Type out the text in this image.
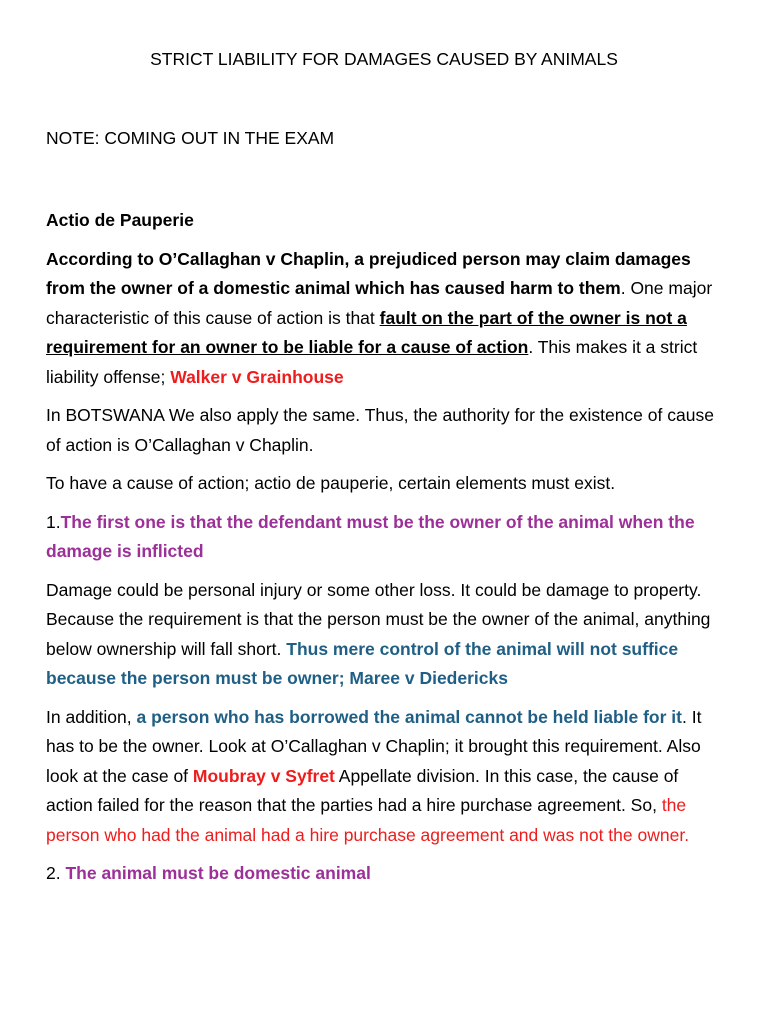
STRICT LIABILITY FOR DAMAGES CAUSED BY ANIMALS
NOTE: COMING OUT IN THE EXAM

Actio de Pauperie

According to O’Callaghan v Chaplin, a prejudiced person may claim damages from the owner of a domestic animal which has caused harm to them. One major characteristic of this cause of action is that fault on the part of the owner is not a requirement for an owner to be liable for a cause of action. This makes it a strict liability offense; Walker v Grainhouse

In BOTSWANA We also apply the same. Thus, the authority for the existence of cause of action is O’Callaghan v Chaplin.

To have a cause of action; actio de pauperie, certain elements must exist.

1.The first one is that the defendant must be the owner of the animal when the damage is inflicted

Damage could be personal injury or some other loss. It could be damage to property. Because the requirement is that the person must be the owner of the animal, anything below ownership will fall short. Thus mere control of the animal will not suffice because the person must be owner; Maree v Diedericks

In addition, a person who has borrowed the animal cannot be held liable for it. It has to be the owner. Look at O’Callaghan v Chaplin; it brought this requirement. Also look at the case of Moubray v Syfret Appellate division. In this case, the cause of action failed for the reason that the parties had a hire purchase agreement. So, the person who had the animal had a hire purchase agreement and was not the owner.

2. The animal must be domestic animal
